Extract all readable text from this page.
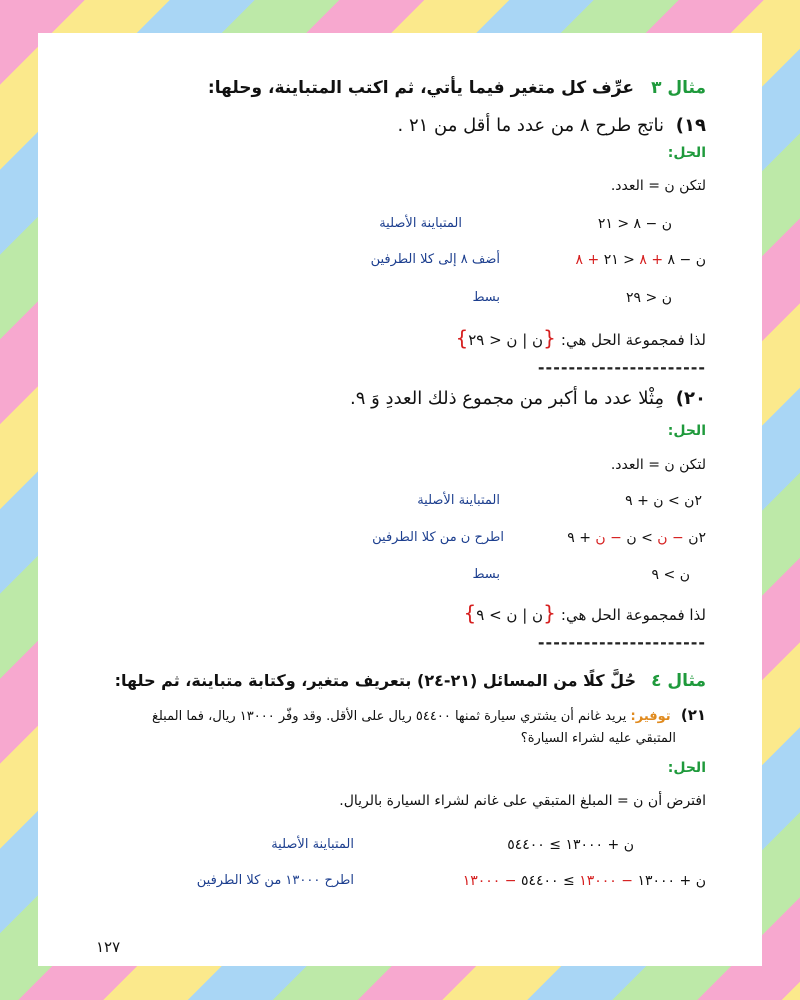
مثال ٣ عرِّف كل متغير فيما يأتي، ثم اكتب المتباينة، وحلها:
١٩) ناتج طرح ٨ من عدد ما أقل من ٢١ .
الحل:
لتكن ن = العدد.
ن − ٨ < ٢١
المتباينة الأصلية
ن − ٨ + ٨ < ٢١ + ٨
أضف ٨ إلى كلا الطرفين
ن < ٢٩
بسط
لذا فمجموعة الحل هي: {ن | ن < ٢٩}
----------------------
٢٠) مِثْلا عدد ما أكبر من مجموع ذلك العددِ وَ ٩.
الحل:
لتكن ن = العدد.
٢ن > ن + ٩
المتباينة الأصلية
٢ن − ن > ن − ن + ٩
اطرح ن من كلا الطرفين
ن > ٩
بسط
لذا فمجموعة الحل هي: {ن | ن > ٩}
----------------------
مثال ٤ حُلَّ كلًا من المسائل (٢١-٢٤) بتعريف متغير، وكتابة متباينة، ثم حلها:
٢١) توفير: يريد غانم أن يشتري سيارة ثمنها ٥٤٤٠٠ ريال على الأقل. وقد وفّر ١٣٠٠٠ ريال، فما المبلغ
المتبقي عليه لشراء السيارة؟
الحل:
افترض أن ن = المبلغ المتبقي على غانم لشراء السيارة بالريال.
ن + ١٣٠٠٠ ≥ ٥٤٤٠٠
المتباينة الأصلية
ن + ١٣٠٠٠ − ١٣٠٠٠ ≥ ٥٤٤٠٠ − ١٣٠٠٠
اطرح ١٣٠٠٠ من كلا الطرفين
١٢٧
